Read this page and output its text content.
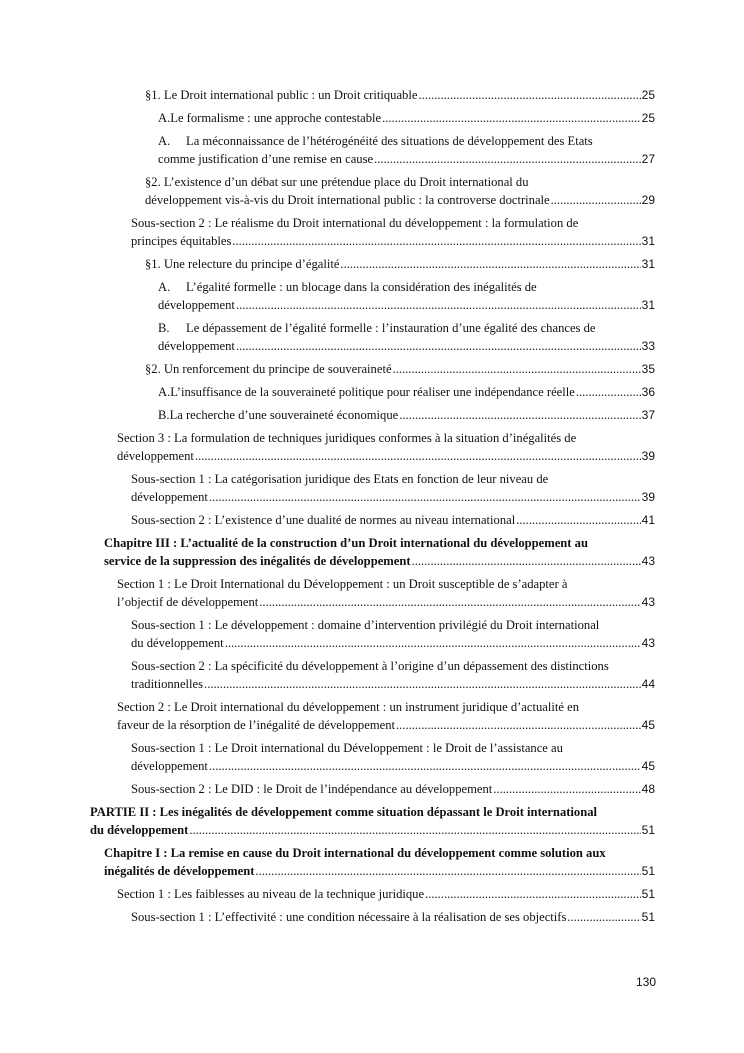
§1. Le Droit international public : un Droit critiquable .....	25
A. Le formalisme : une approche contestable .....	25
A. La méconnaissance de l’hétérogénéité des situations de développement des Etats
comme justification d’une remise en cause .....	27
§2. L’existence d’un débat sur une prétendue place du Droit international du
développement vis-à-vis du Droit international public : la controverse doctrinale .....	29
Sous-section 2 : Le réalisme du Droit international du développement : la formulation de
principes équitables .....	31
§1. Une relecture du principe d’égalité .....	31
A. L’égalité formelle : un blocage dans la considération des inégalités de
développement .....	31
B. Le dépassement de l’égalité formelle : l’instauration d’une égalité des chances de
développement .....	33
§2. Un renforcement du principe de souveraineté .....	35
A. L’insuffisance de la souveraineté politique pour réaliser une indépendance réelle .....	36
B. La recherche d’une souveraineté économique .....	37
Section 3 : La formulation de techniques juridiques conformes à la situation d’inégalités de
développement .....	39
Sous-section 1 : La catégorisation juridique des Etats en fonction de leur niveau de
développement .....	39
Sous-section 2 : L’existence d’une dualité de normes au niveau international .....	41
Chapitre III : L’actualité de la construction d’un Droit international du développement au
service de la suppression des inégalités de développement .....	43
Section 1 : Le Droit International du Développement : un Droit susceptible de s’adapter à
l’objectif de développement .....	43
Sous-section 1 : Le développement : domaine d’intervention privilégié du Droit international
du développement .....	43
Sous-section 2 : La spécificité du développement à l’origine d’un dépassement des distinctions
traditionnelles .....	44
Section 2 : Le Droit international du développement : un instrument juridique d’actualité en
faveur de la résorption de l’inégalité de développement .....	45
Sous-section 1 : Le Droit international du Développement : le Droit de l’assistance au
développement .....	45
Sous-section 2 : Le DID : le Droit de l’indépendance au développement .....	48
PARTIE II : Les inégalités de développement comme situation dépassant le Droit international
du développement .....	51
Chapitre I : La remise en cause du Droit international du développement comme solution aux
inégalités de développement .....	51
Section 1 : Les faiblesses au niveau de la technique juridique .....	51
Sous-section 1 : L’effectivité : une condition nécessaire à la réalisation de ses objectifs .....	51
130
